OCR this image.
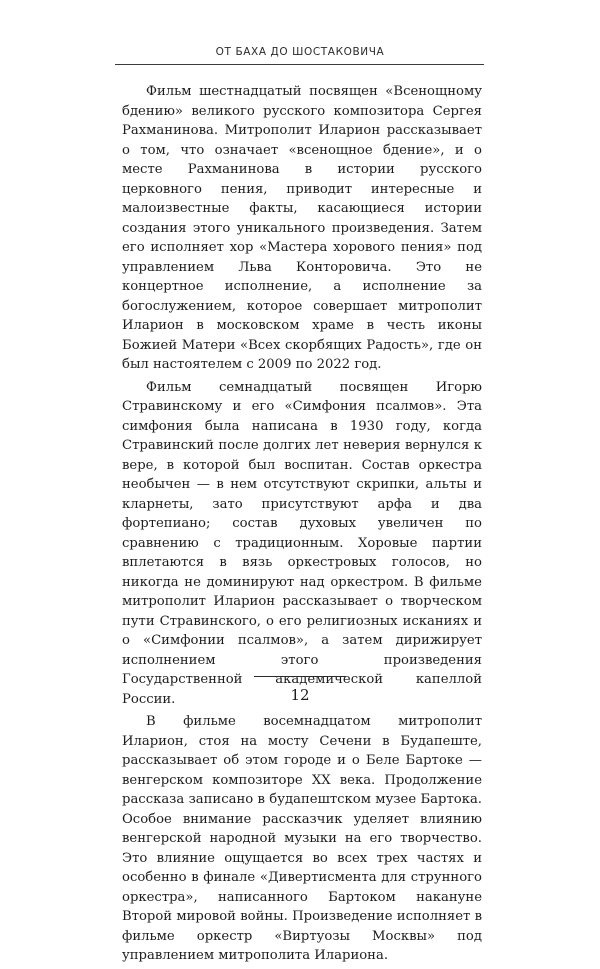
ОТ БАХА ДО ШОСТАКОВИЧА

Фильм шестнадцатый посвящен «Всенощному бдению» великого русского композитора Сергея Рахманинова. Митрополит Иларион рассказывает о том, что означает «всенощное бдение», и о месте Рахманинова в истории русского церковного пения, приводит интересные и малоизвестные факты, касающиеся истории создания этого уникального произведения. Затем его исполняет хор «Мастера хорового пения» под управлением Льва Конторовича. Это не концертное исполнение, а исполнение за богослужением, которое совершает митрополит Иларион в московском храме в честь иконы Божией Матери «Всех скорбящих Радость», где он был настоятелем с 2009 по 2022 год.

Фильм семнадцатый посвящен Игорю Стравинскому и его «Симфония псалмов». Эта симфония была написана в 1930 году, когда Стравинский после долгих лет неверия вернулся к вере, в которой был воспитан. Состав оркестра необычен — в нем отсутствуют скрипки, альты и кларнеты, зато присутствуют арфа и два фортепиано; состав духовых увеличен по сравнению с традиционным. Хоровые партии вплетаются в вязь оркестровых голосов, но никогда не доминируют над оркестром. В фильме митрополит Иларион рассказывает о творческом пути Стравинского, о его религиозных исканиях и о «Симфонии псалмов», а затем дирижирует исполнением этого произведения Государственной академической капеллой России.

В фильме восемнадцатом митрополит Иларион, стоя на мосту Сечени в Будапеште, рассказывает об этом городе и о Беле Бартоке — венгерском композиторе XX века. Продолжение рассказа записано в будапештском музее Бартока. Особое внимание рассказчик уделяет влиянию венгерской народной музыки на его творчество. Это влияние ощущается во всех трех частях и особенно в финале «Дивертисмента для струнного оркестра», написанного Бартоком накануне Второй мировой войны. Произведение исполняет в фильме оркестр «Виртуозы Москвы» под управлением митрополита Илариона.

12
